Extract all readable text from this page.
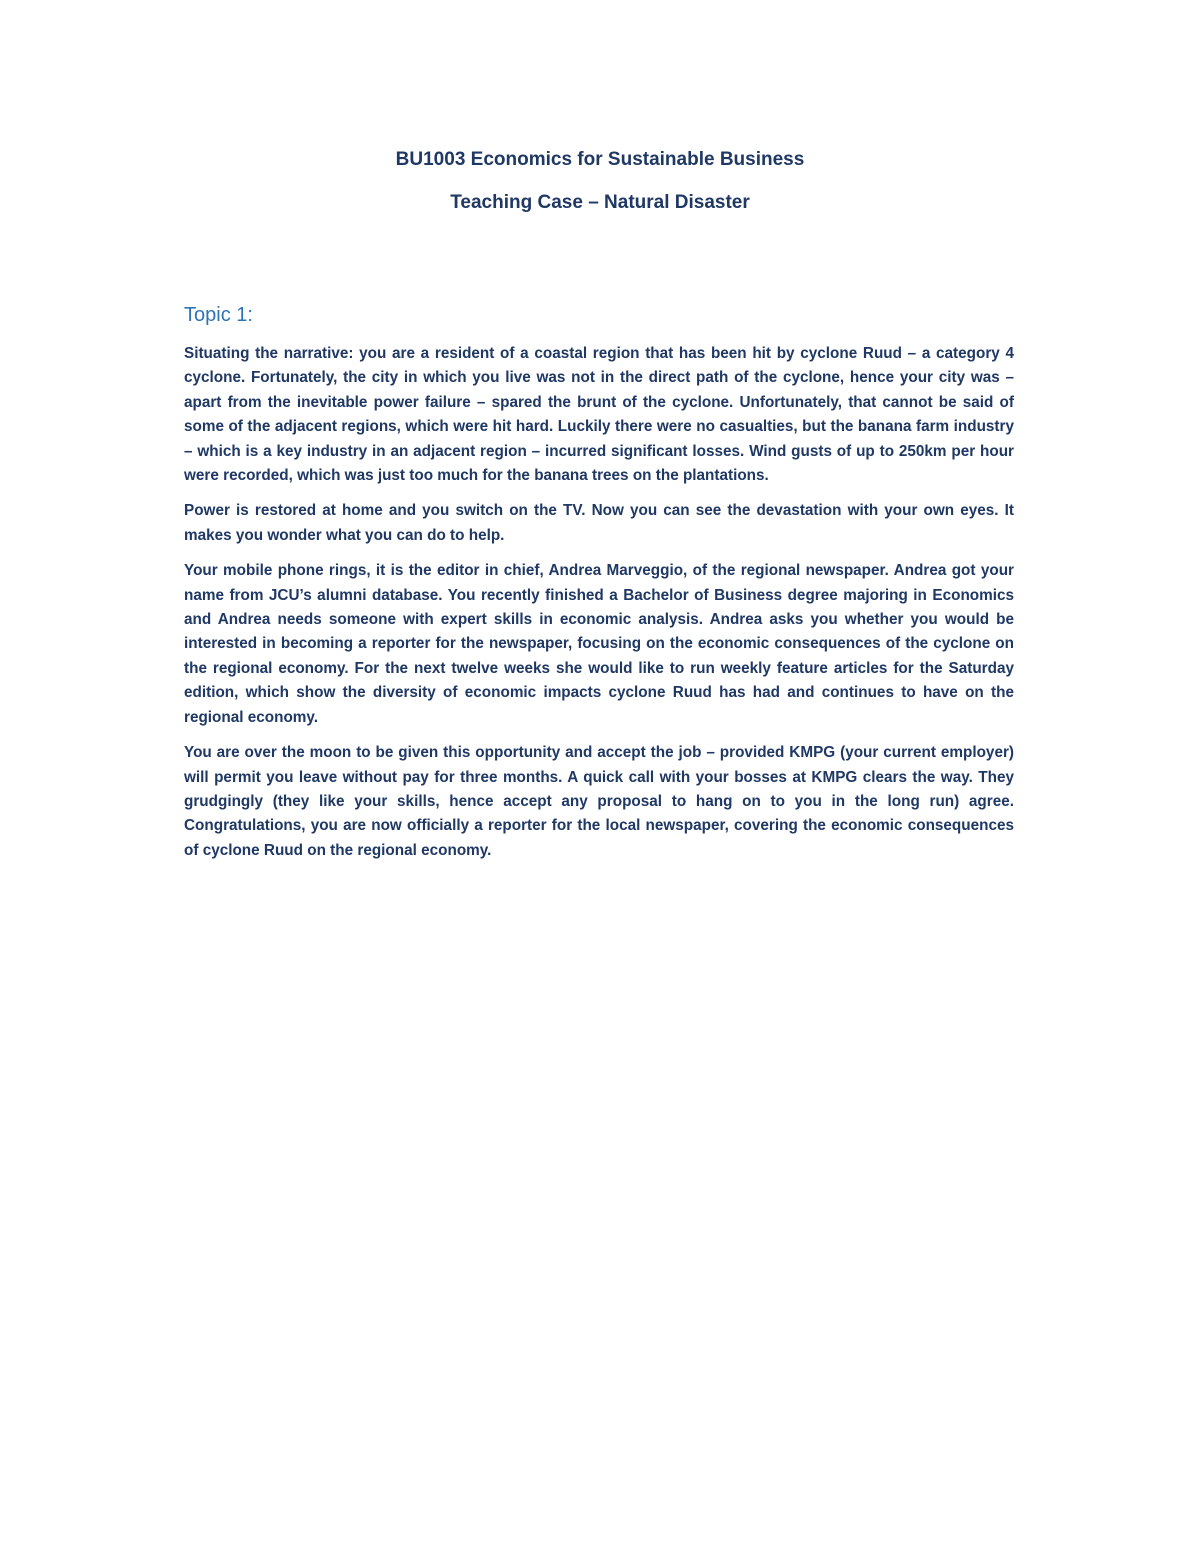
BU1003 Economics for Sustainable Business
Teaching Case – Natural Disaster
Topic 1:

Situating the narrative: you are a resident of a coastal region that has been hit by cyclone Ruud – a category 4 cyclone. Fortunately, the city in which you live was not in the direct path of the cyclone, hence your city was – apart from the inevitable power failure – spared the brunt of the cyclone. Unfortunately, that cannot be said of some of the adjacent regions, which were hit hard. Luckily there were no casualties, but the banana farm industry – which is a key industry in an adjacent region – incurred significant losses. Wind gusts of up to 250km per hour were recorded, which was just too much for the banana trees on the plantations.

Power is restored at home and you switch on the TV. Now you can see the devastation with your own eyes. It makes you wonder what you can do to help.

Your mobile phone rings, it is the editor in chief, Andrea Marveggio, of the regional newspaper. Andrea got your name from JCU’s alumni database. You recently finished a Bachelor of Business degree majoring in Economics and Andrea needs someone with expert skills in economic analysis. Andrea asks you whether you would be interested in becoming a reporter for the newspaper, focusing on the economic consequences of the cyclone on the regional economy. For the next twelve weeks she would like to run weekly feature articles for the Saturday edition, which show the diversity of economic impacts cyclone Ruud has had and continues to have on the regional economy.

You are over the moon to be given this opportunity and accept the job – provided KMPG (your current employer) will permit you leave without pay for three months. A quick call with your bosses at KMPG clears the way. They grudgingly (they like your skills, hence accept any proposal to hang on to you in the long run) agree. Congratulations, you are now officially a reporter for the local newspaper, covering the economic consequences of cyclone Ruud on the regional economy.
